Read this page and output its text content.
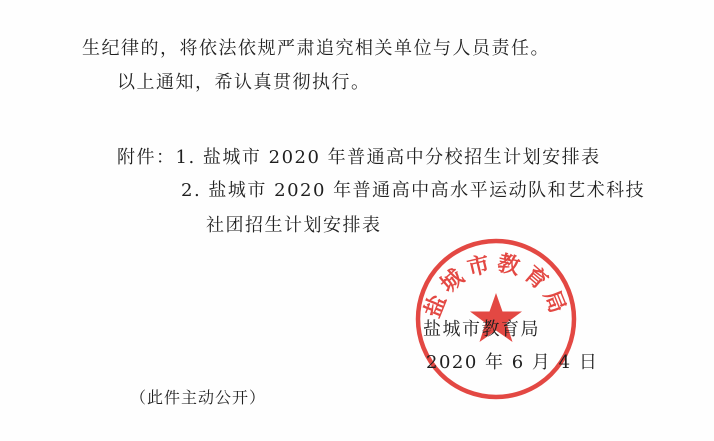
生纪律的，将依法依规严肃追究相关单位与人员责任。
以上通知，希认真贯彻执行。
附件：1. 盐城市 2020 年普通高中分校招生计划安排表
2. 盐城市 2020 年普通高中高水平运动队和艺术科技
社团招生计划安排表
盐城市教育局
盐城市教育局
2020 年 6 月 4 日
（此件主动公开）
